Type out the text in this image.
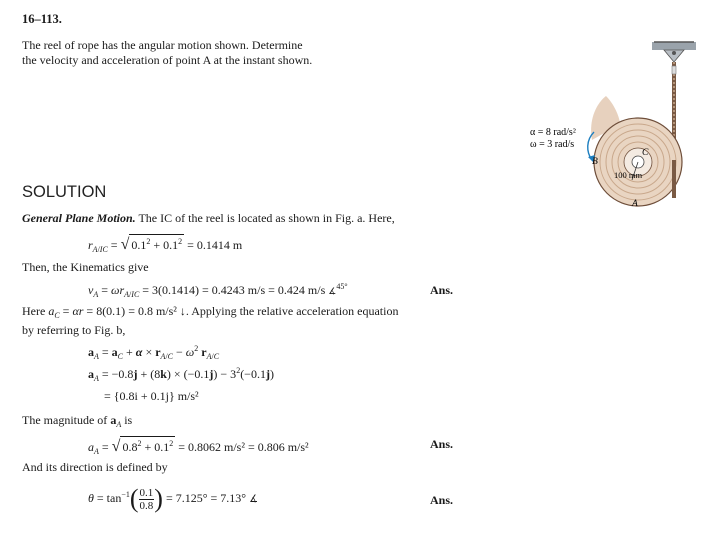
16–113.
The reel of rope has the angular motion shown. Determine
the velocity and acceleration of point A at the instant shown.
α = 8 rad/s²
ω = 3 rad/s
B
C
100 mm
A
SOLUTION
General Plane Motion. The IC of the reel is located as shown in Fig. a. Here,
$r_{A/IC}$ = √ $0.1^2 + 0.1^2 = 0.1414$ m
Then, the Kinematics give
$v_A = \omega r_{A/IC} = 3(0.1414) = 0.4243$ m/s = 0.424 m/s ∡$^{45^\circ}$	Ans.
Here $a_C = \alpha r = 8(0.1) = 0.8$ m/s² ↓. Applying the relative acceleration equation
by referring to Fig. b,
$a_A = a_C + \alpha \times r_{A/C} - \omega^2$ $r_{A/C}$
$a_A = -0.8j + (8k) \times (-0.1j) - 3^2(-0.1j)$
= {0.8i + 0.1j} m/s²
The magnitude of $a_A$ is
$a_A$ = √ $0.8^2 + 0.1^2 = 0.8062$ m/s² = 0.806 m/s²	Ans.
And its direction is defined by
$\theta = \tan^{-1}( \frac{0.1}{0.8}$ ) = 7.125° = 7.13° ∡	Ans.
